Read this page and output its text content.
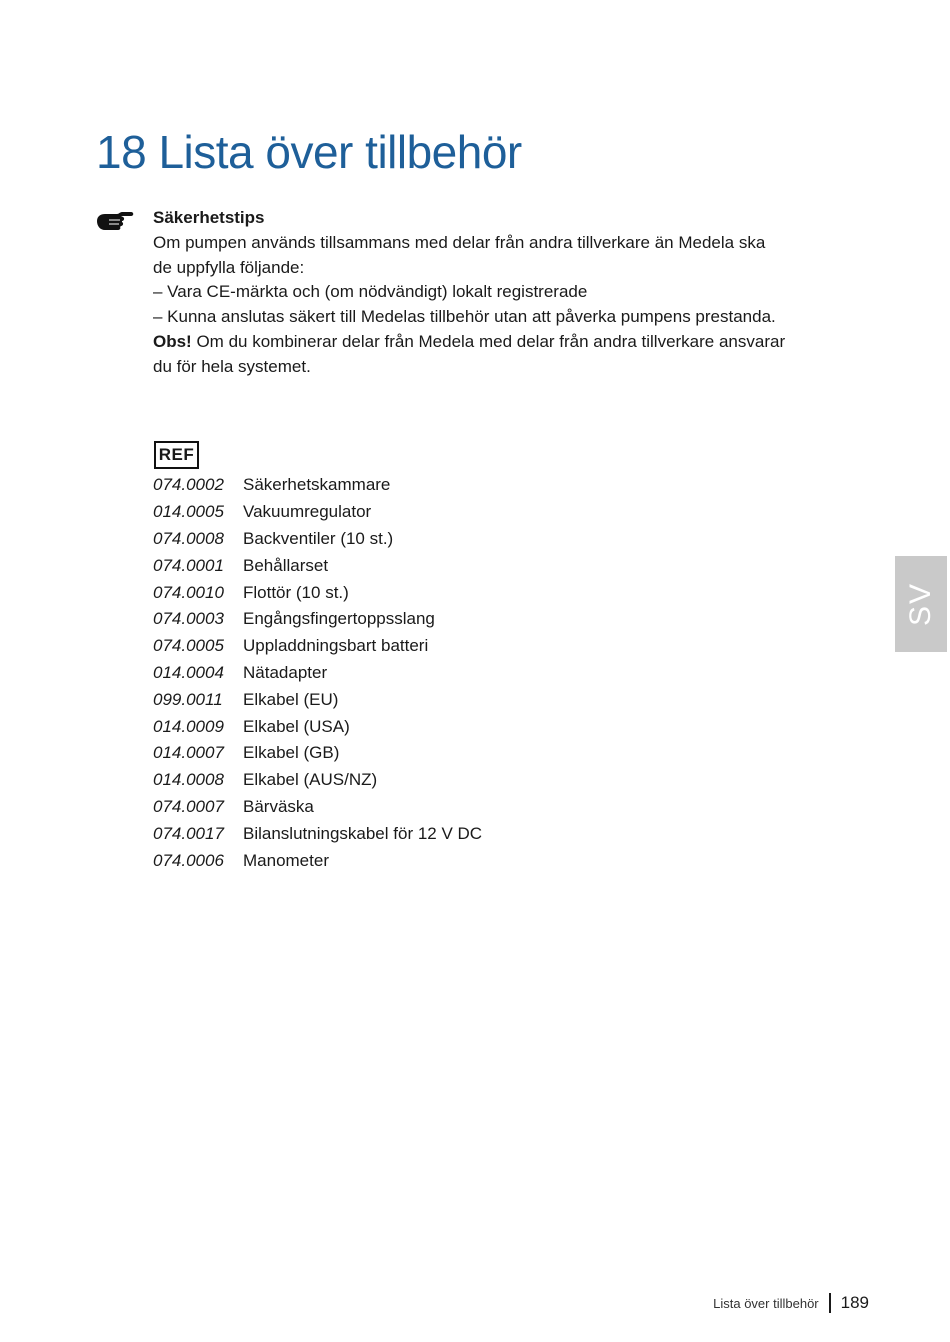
18 Lista över tillbehör
Säkerhetstips
Om pumpen används tillsammans med delar från andra tillverkare än Medela ska
de uppfylla följande:
– Vara CE-märkta och (om nödvändigt) lokalt registrerade
– Kunna anslutas säkert till Medelas tillbehör utan att påverka pumpens prestanda.
Obs! Om du kombinerar delar från Medela med delar från andra tillverkare ansvarar
du för hela systemet.
REF
074.0002	Säkerhetskammare
014.0005	Vakuumregulator
074.0008	Backventiler (10 st.)
074.0001	Behållarset
074.0010	Flottör (10 st.)
074.0003	Engångsfingertoppsslang
074.0005	Uppladdningsbart batteri
014.0004	Nätadapter
099.0011	Elkabel (EU)
014.0009	Elkabel (USA)
014.0007	Elkabel (GB)
014.0008	Elkabel (AUS/NZ)
074.0007	Bärväska
074.0017	Bilanslutningskabel för 12 V DC
074.0006	Manometer
SV
Lista över tillbehör 189
